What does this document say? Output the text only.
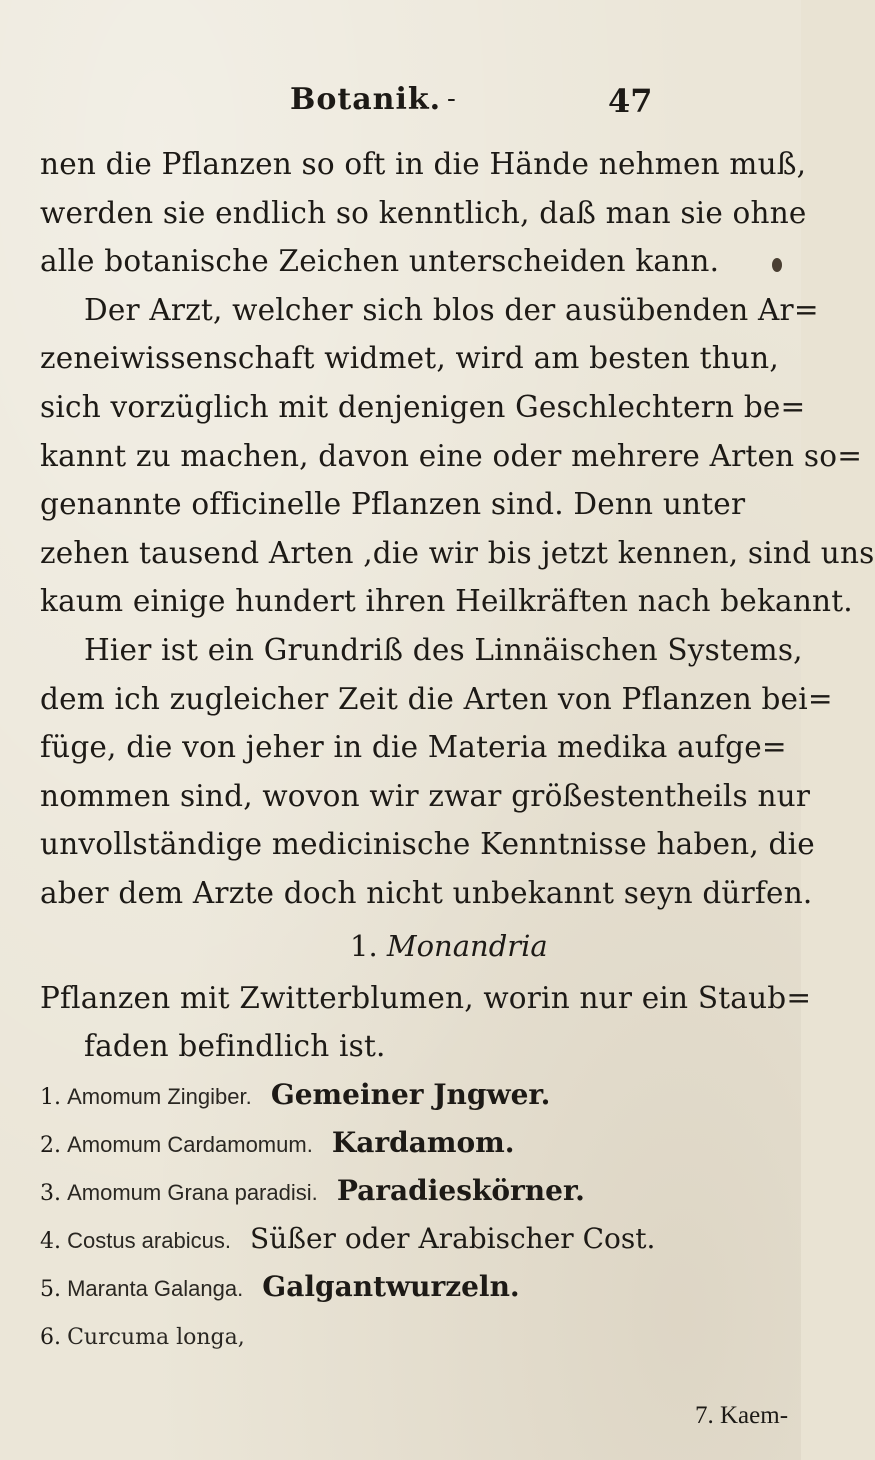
Botanik. -	47
nen die Pflanzen so oft in die Hände nehmen muß,
werden sie endlich so kenntlich, daß man sie ohne
alle botanische Zeichen unterscheiden kann.
Der Arzt, welcher sich blos der ausübenden Ar=
zeneiwissenschaft widmet, wird am besten thun,
sich vorzüglich mit denjenigen Geschlechtern be=
kannt zu machen, davon eine oder mehrere Arten so=
genannte officinelle Pflanzen sind. Denn unter
zehen tausend Arten ,die wir bis jetzt kennen, sind uns
kaum einige hundert ihren Heilkräften nach bekannt.
Hier ist ein Grundriß des Linnäischen Systems,
dem ich zugleicher Zeit die Arten von Pflanzen bei=
füge, die von jeher in die Materia medika aufge=
nommen sind, wovon wir zwar größestentheils nur
unvollständige medicinische Kenntnisse haben, die
aber dem Arzte doch nicht unbekannt seyn dürfen.
1. Monandria
Pflanzen mit Zwitterblumen, worin nur ein Staub=
faden befindlich ist.
1. Amomum Zingiber. Gemeiner Jngwer.
2. Amomum Cardamomum. Kardamom.
3. Amomum Grana paradisi. Paradieskörner.
4. Costus arabicus. Süßer oder Arabischer Cost.
5. Maranta Galanga. Galgantwurzeln.
6. Curcuma longa,
7. Kaem-
